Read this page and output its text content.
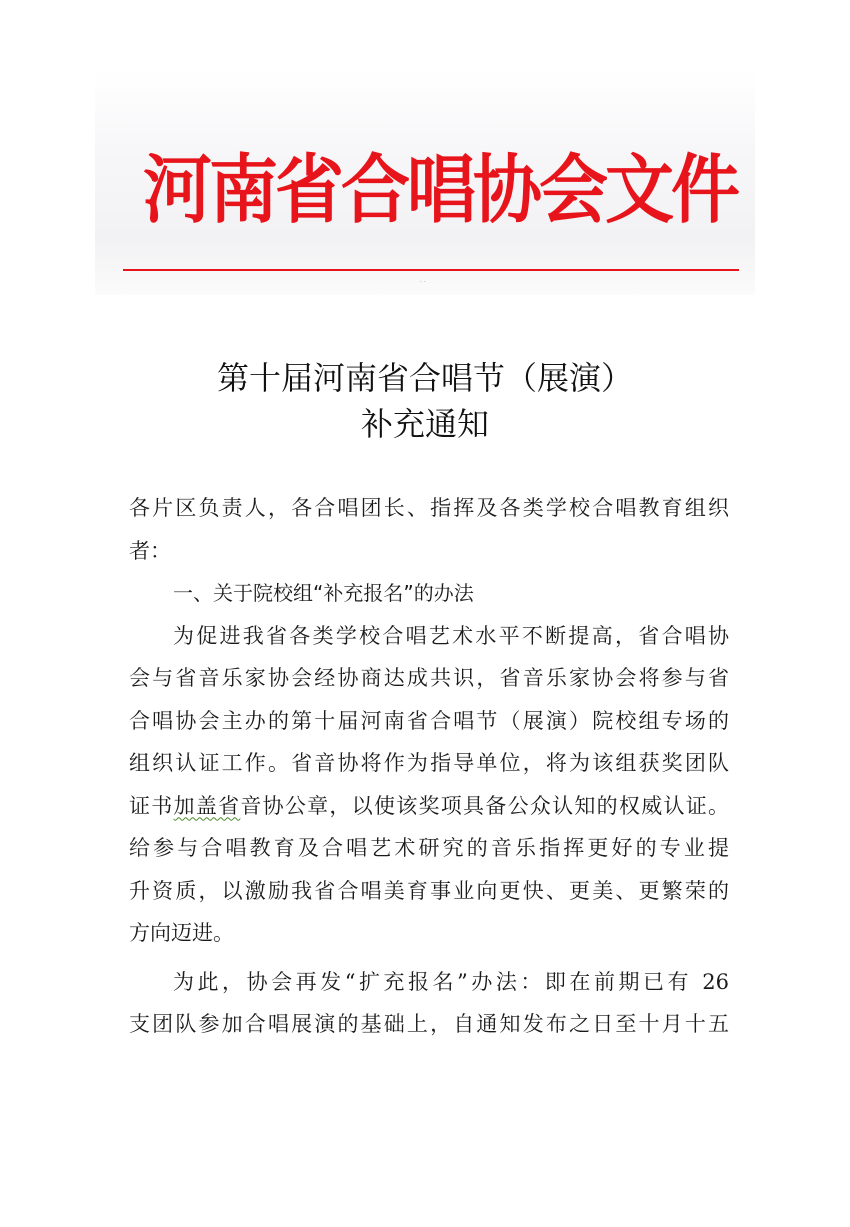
河南省合唱协会文件
· ·
第十届河南省合唱节（展演）
补充通知
各片区负责人，各合唱团长、指挥及各类学校合唱教育组织
者：
一、关于院校组“补充报名”的办法
为促进我省各类学校合唱艺术水平不断提高，省合唱协
会与省音乐家协会经协商达成共识，省音乐家协会将参与省
合唱协会主办的第十届河南省合唱节（展演）院校组专场的
组织认证工作。省音协将作为指导单位，将为该组获奖团队
证书加盖省音协公章，以使该奖项具备公众认知的权威认证。
给参与合唱教育及合唱艺术研究的音乐指挥更好的专业提
升资质，以激励我省合唱美育事业向更快、更美、更繁荣的
方向迈进。
为此，协会再发“扩充报名”办法：即在前期已有 26
支团队参加合唱展演的基础上，自通知发布之日至十月十五
